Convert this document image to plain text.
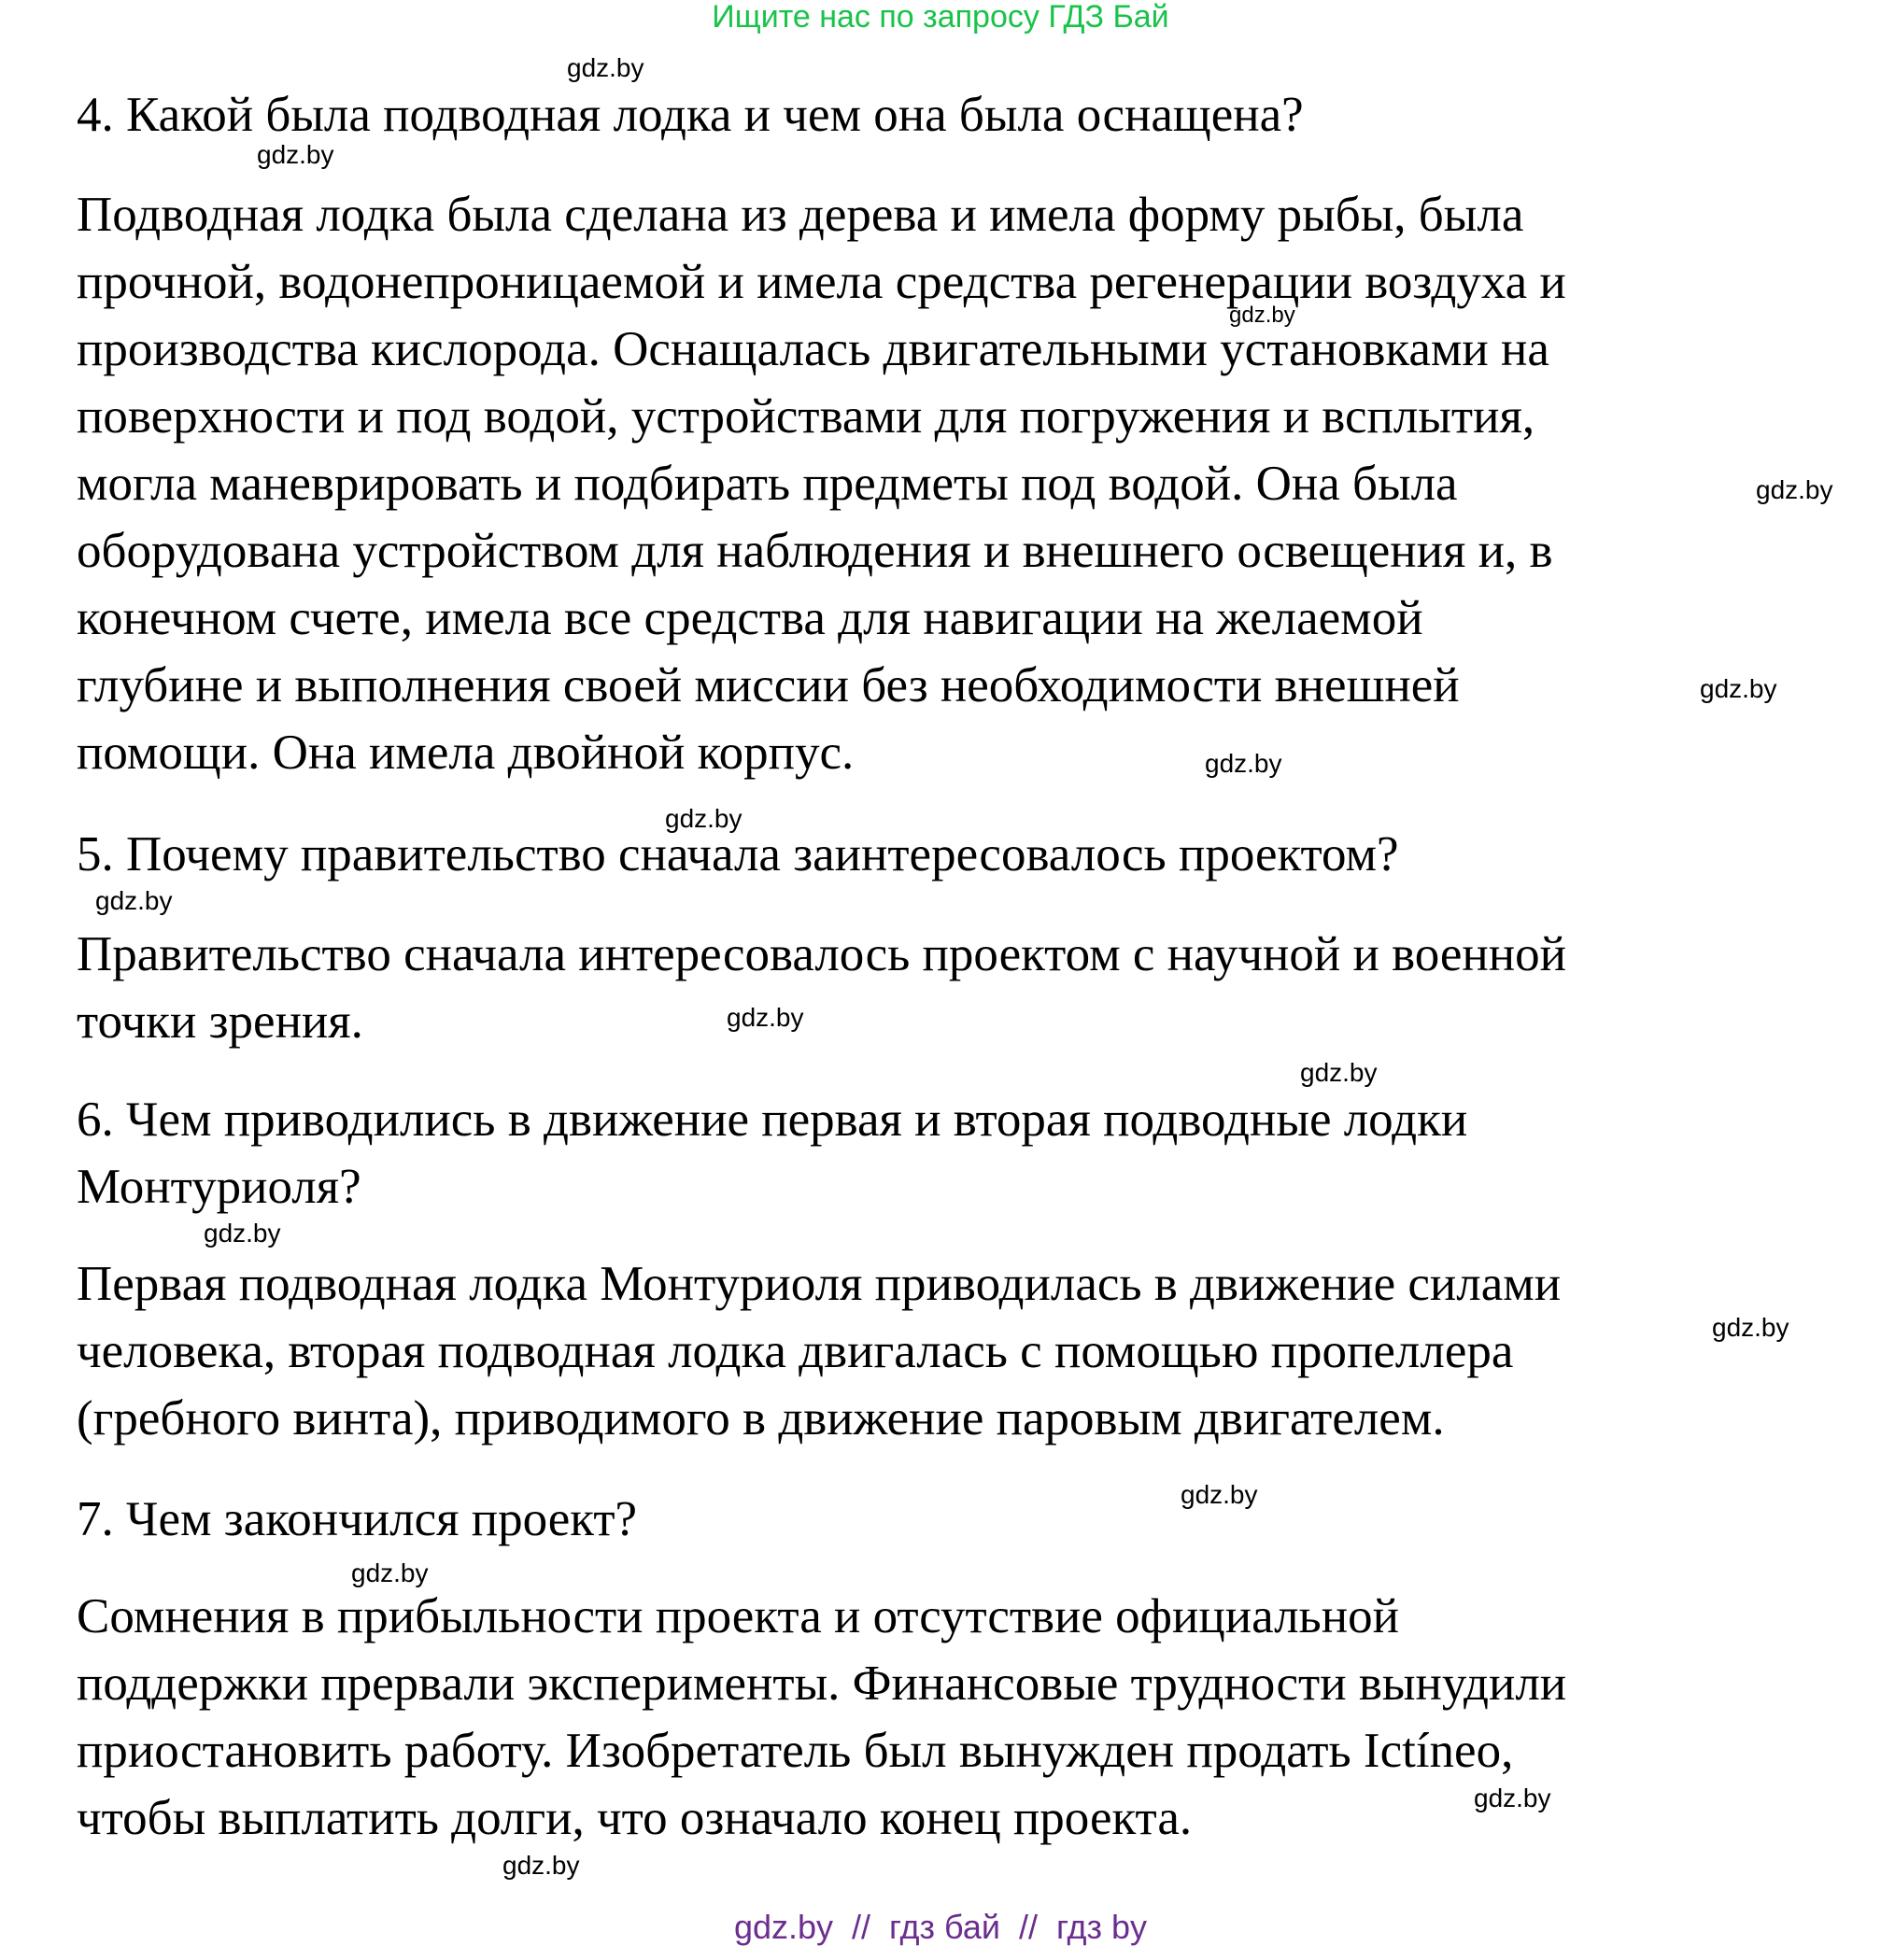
Ищите нас по запросу ГДЗ Бай
gdz.by
gdz.by
gdz.by
gdz.by
gdz.by
gdz.by
gdz.by
gdz.by
gdz.by
gdz.by
gdz.by
gdz.by
gdz.by
gdz.by
gdz.by
gdz.by
4. Какой была подводная лодка и чем она была оснащена?
Подводная лодка была сделана из дерева и имела форму рыбы, была
прочной, водонепроницаемой и имела средства регенерации воздуха и
производства кислорода. Оснащалась двигательными установками на
поверхности и под водой, устройствами для погружения и всплытия,
могла маневрировать и подбирать предметы под водой. Она была
оборудована устройством для наблюдения и внешнего освещения и, в
конечном счете, имела все средства для навигации на желаемой
глубине и выполнения своей миссии без необходимости внешней
помощи. Она имела двойной корпус.
5. Почему правительство сначала заинтересовалось проектом?
Правительство сначала интересовалось проектом с научной и военной
точки зрения.
6. Чем приводились в движение первая и вторая подводные лодки
Монтуриоля?
Первая подводная лодка Монтуриоля приводилась в движение силами
человека, вторая подводная лодка двигалась с помощью пропеллера
(гребного винта), приводимого в движение паровым двигателем.
7. Чем закончился проект?
Сомнения в прибыльности проекта и отсутствие официальной
поддержки прервали эксперименты. Финансовые трудности вынудили
приостановить работу. Изобретатель был вынужден продать Ictíneo,
чтобы выплатить долги, что означало конец проекта.
gdz.by  //  гдз бай  //  гдз by
